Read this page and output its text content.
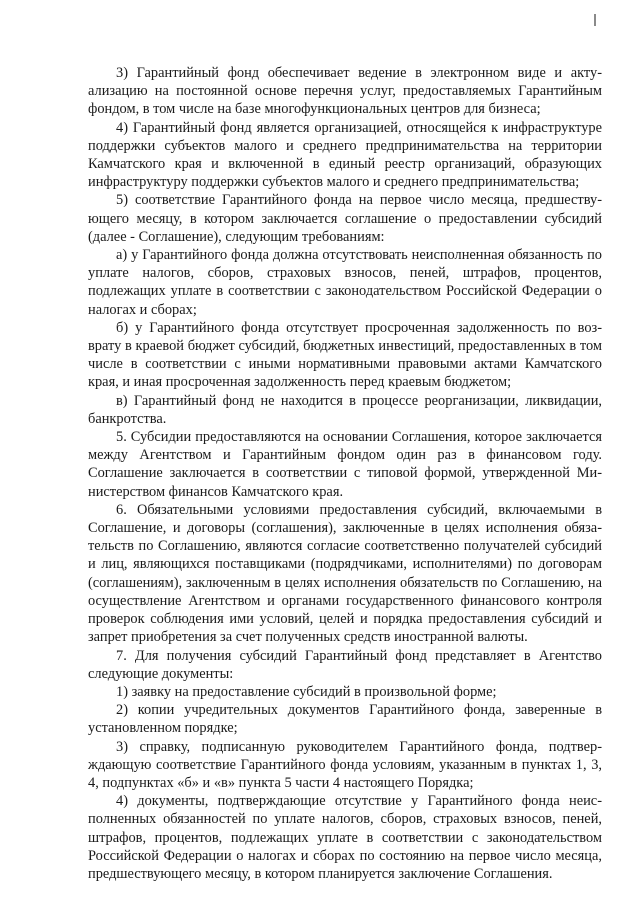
3) Гарантийный фонд обеспечивает ведение в электронном виде и актуализацию на постоянной основе перечня услуг, предоставляемых Гарантийным фондом, в том числе на базе многофункциональных центров для бизнеса;

4) Гарантийный фонд является организацией, относящейся к инфраструктуре поддержки субъектов малого и среднего предпринимательства на территории Камчатского края и включенной в единый реестр организаций, образующих инфраструктуру поддержки субъектов малого и среднего предпринимательства;

5) соответствие Гарантийного фонда на первое число месяца, предшествующего месяцу, в котором заключается соглашение о предоставлении субсидий (далее - Соглашение), следующим требованиям:

а) у Гарантийного фонда должна отсутствовать неисполненная обязанность по уплате налогов, сборов, страховых взносов, пеней, штрафов, процентов, подлежащих уплате в соответствии с законодательством Российской Федерации о налогах и сборах;

б) у Гарантийного фонда отсутствует просроченная задолженность по возврату в краевой бюджет субсидий, бюджетных инвестиций, предоставленных в том числе в соответствии с иными нормативными правовыми актами Камчатского края, и иная просроченная задолженность перед краевым бюджетом;

в) Гарантийный фонд не находится в процессе реорганизации, ликвидации, банкротства.

5. Субсидии предоставляются на основании Соглашения, которое заключается между Агентством и Гарантийным фондом один раз в финансовом году. Соглашение заключается в соответствии с типовой формой, утвержденной Министерством финансов Камчатского края.

6. Обязательными условиями предоставления субсидий, включаемыми в Соглашение, и договоры (соглашения), заключенные в целях исполнения обязательств по Соглашению, являются согласие соответственно получателей субсидий и лиц, являющихся поставщиками (подрядчиками, исполнителями) по договорам (соглашениям), заключенным в целях исполнения обязательств по Соглашению, на осуществление Агентством и органами государственного финансового контроля проверок соблюдения ими условий, целей и порядка предоставления субсидий и запрет приобретения за счет полученных средств иностранной валюты.

7. Для получения субсидий Гарантийный фонд представляет в Агентство следующие документы:

1) заявку на предоставление субсидий в произвольной форме;

2) копии учредительных документов Гарантийного фонда, заверенные в установленном порядке;

3) справку, подписанную руководителем Гарантийного фонда, подтверждающую соответствие Гарантийного фонда условиям, указанным в пунктах 1, 3, 4, подпунктах «б» и «в» пункта 5 части 4 настоящего Порядка;

4) документы, подтверждающие отсутствие у Гарантийного фонда неисполненных обязанностей по уплате налогов, сборов, страховых взносов, пеней, штрафов, процентов, подлежащих уплате в соответствии с законодательством Российской Федерации о налогах и сборах по состоянию на первое число месяца, предшествующего месяцу, в котором планируется заключение Соглашения.
